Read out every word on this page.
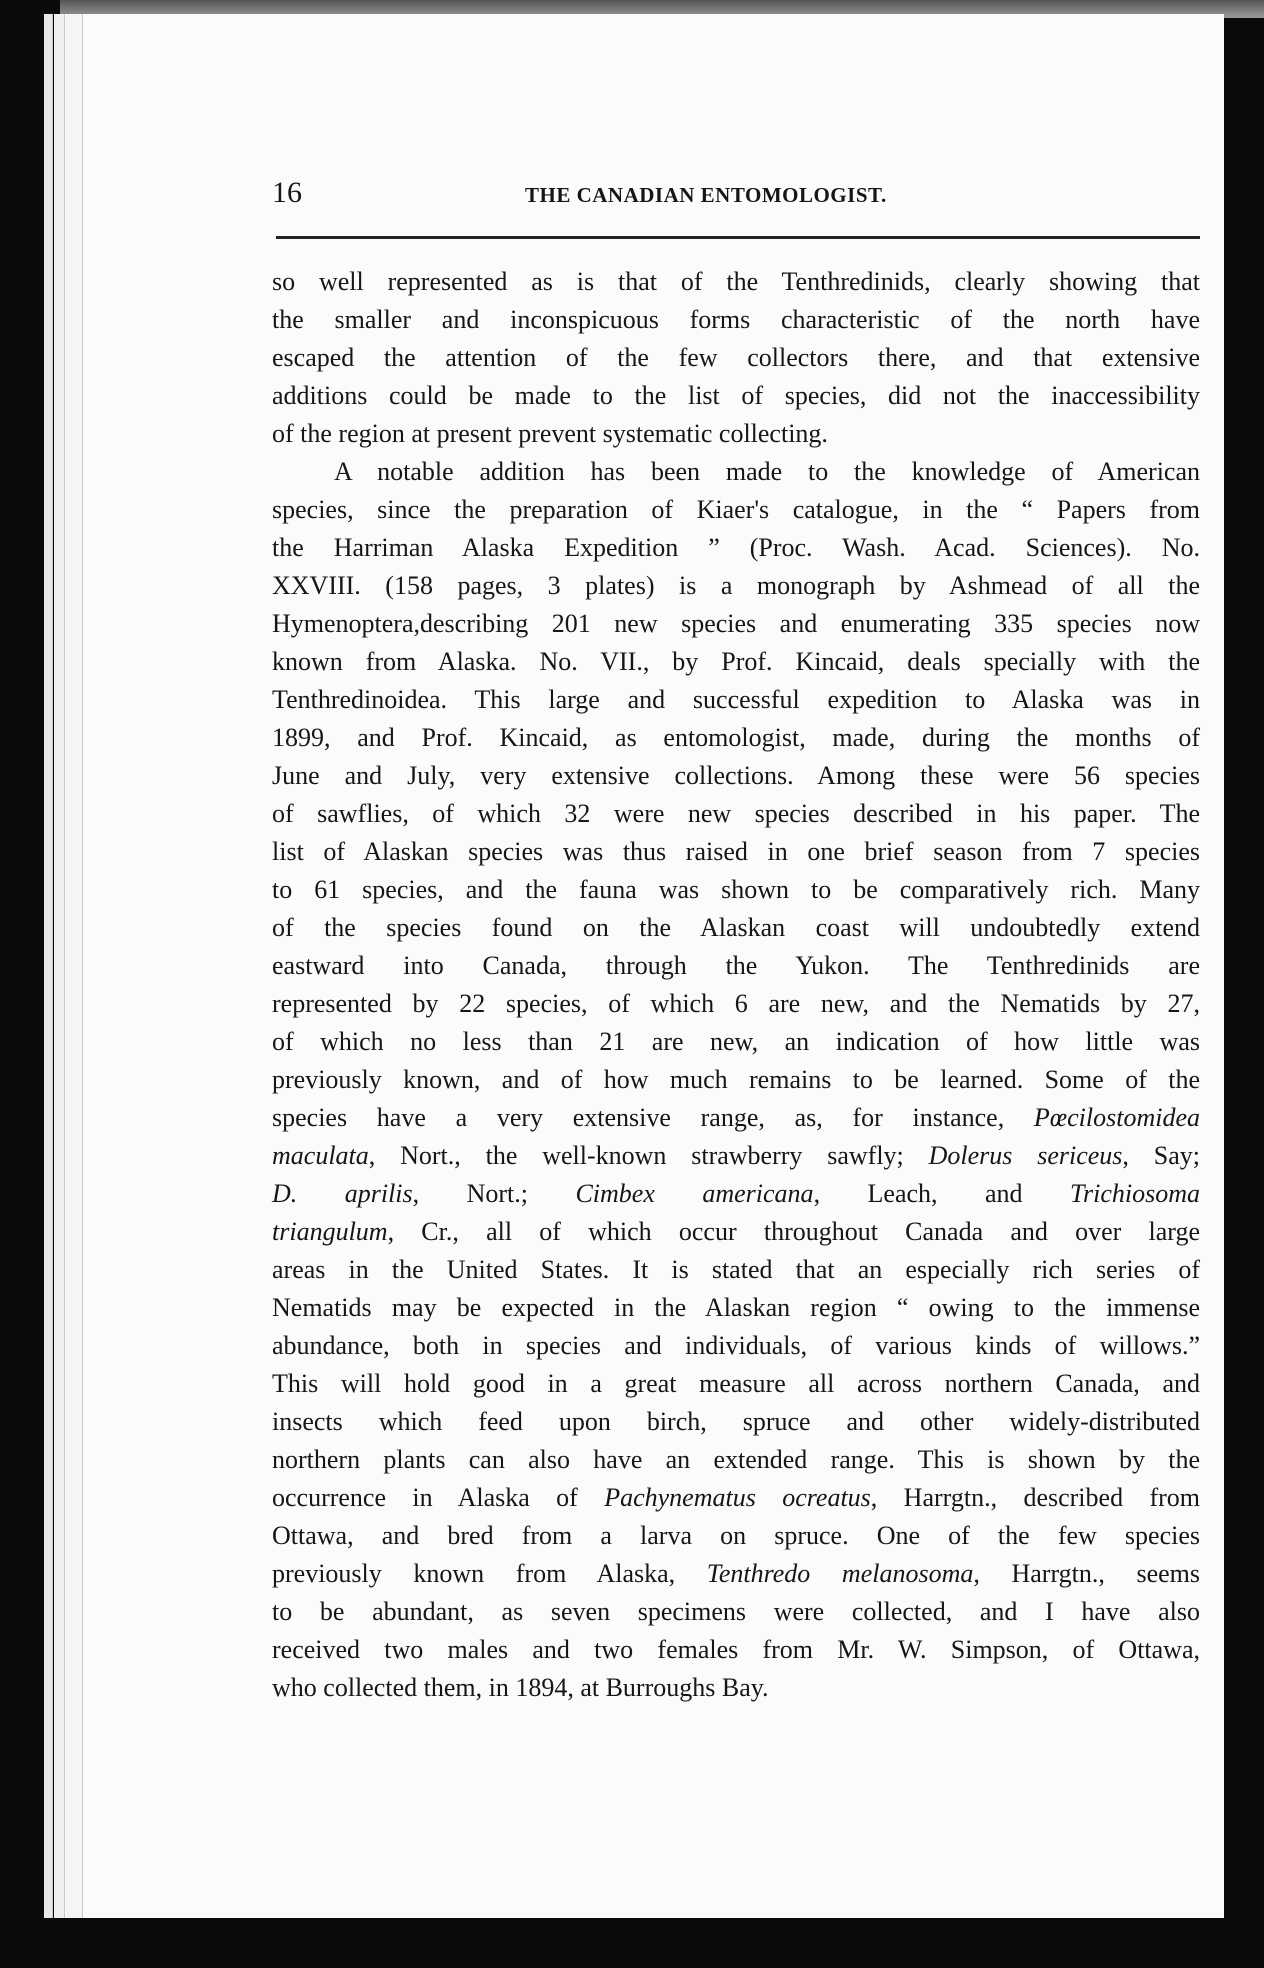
16	THE CANADIAN ENTOMOLOGIST.
so well represented as is that of the Tenthredinids, clearly showing that
the smaller and inconspicuous forms characteristic of the north have
escaped the attention of the few collectors there, and that extensive
additions could be made to the list of species, did not the inaccessibility
of the region at present prevent systematic collecting.
A notable addition has been made to the knowledge of American
species, since the preparation of Kiaer's catalogue, in the “ Papers from
the Harriman Alaska Expedition ” (Proc. Wash. Acad. Sciences). No.
XXVIII. (158 pages, 3 plates) is a monograph by Ashmead of all the
Hymenoptera,describing 201 new species and enumerating 335 species now
known from Alaska. No. VII., by Prof. Kincaid, deals specially with the
Tenthredinoidea. This large and successful expedition to Alaska was in
1899, and Prof. Kincaid, as entomologist, made, during the months of
June and July, very extensive collections. Among these were 56 species
of sawflies, of which 32 were new species described in his paper. The
list of Alaskan species was thus raised in one brief season from 7 species
to 61 species, and the fauna was shown to be comparatively rich. Many
of the species found on the Alaskan coast will undoubtedly extend
eastward into Canada, through the Yukon. The Tenthredinids are
represented by 22 species, of which 6 are new, and the Nematids by 27,
of which no less than 21 are new, an indication of how little was
previously known, and of how much remains to be learned. Some of the
species have a very extensive range, as, for instance, Pœcilostomidea
maculata, Nort., the well-known strawberry sawfly; Dolerus sericeus, Say;
D. aprilis, Nort.; Cimbex americana, Leach, and Trichiosoma
triangulum, Cr., all of which occur throughout Canada and over large
areas in the United States. It is stated that an especially rich series of
Nematids may be expected in the Alaskan region “ owing to the immense
abundance, both in species and individuals, of various kinds of willows.”
This will hold good in a great measure all across northern Canada, and
insects which feed upon birch, spruce and other widely-distributed
northern plants can also have an extended range. This is shown by the
occurrence in Alaska of Pachynematus ocreatus, Harrgtn., described from
Ottawa, and bred from a larva on spruce. One of the few species
previously known from Alaska, Tenthredo melanosoma, Harrgtn., seems
to be abundant, as seven specimens were collected, and I have also
received two males and two females from Mr. W. Simpson, of Ottawa,
who collected them, in 1894, at Burroughs Bay.
